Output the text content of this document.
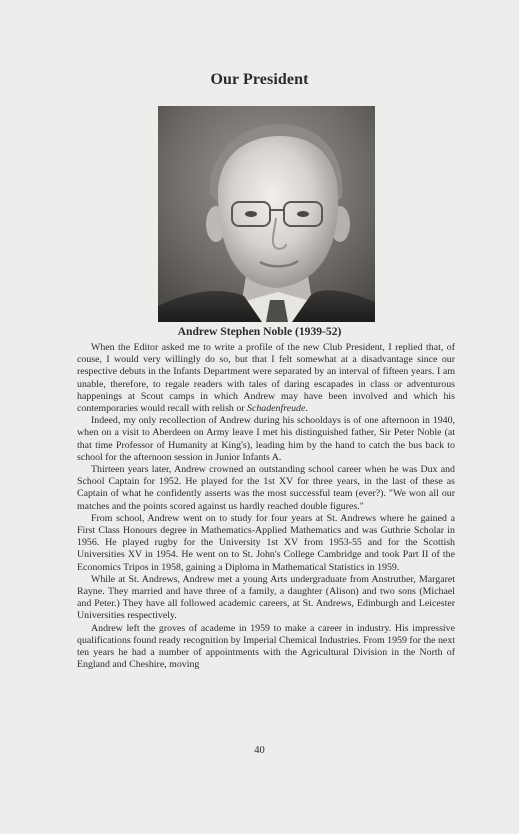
Our President
Andrew Stephen Noble (1939-52)

When the Editor asked me to write a profile of the new Club President, I replied that, of couse, I would very willingly do so, but that I felt somewhat at a disadvantage since our respective debuts in the Infants Department were separated by an interval of fifteen years. I am unable, therefore, to regale readers with tales of daring escapades in class or adventurous happenings at Scout camps in which Andrew may have been involved and which his contemporaries would recall with relish or Schadenfreude.

Indeed, my only recollection of Andrew during his schooldays is of one afternoon in 1940, when on a visit to Aberdeen on Army leave I met his distinguished father, Sir Peter Noble (at that time Professor of Humanity at King's), leading him by the hand to catch the bus back to school for the afternoon session in Junior Infants A.

Thirteen years later, Andrew crowned an outstanding school career when he was Dux and School Captain for 1952. He played for the 1st XV for three years, in the last of these as Captain of what he confidently asserts was the most successful team (ever?). "We won all our matches and the points scored against us hardly reached double figures."

From school, Andrew went on to study for four years at St. Andrews where he gained a First Class Honours degree in Mathematics-Applied Mathematics and was Guthrie Scholar in 1956. He played rugby for the University 1st XV from 1953-55 and for the Scottish Universities XV in 1954. He went on to St. John's College Cambridge and took Part II of the Economics Tripos in 1958, gaining a Diploma in Mathematical Statistics in 1959.

While at St. Andrews, Andrew met a young Arts undergraduate from Anstruther, Margaret Rayne. They married and have three of a family, a daughter (Alison) and two sons (Michael and Peter.) They have all followed academic careers, at St. Andrews, Edinburgh and Leicester Universities respectively.

Andrew left the groves of academe in 1959 to make a career in industry. His impressive qualifications found ready recognition by Imperial Chemical Industries. From 1959 for the next ten years he had a number of appointments with the Agricultural Division in the North of England and Cheshire, moving

40
